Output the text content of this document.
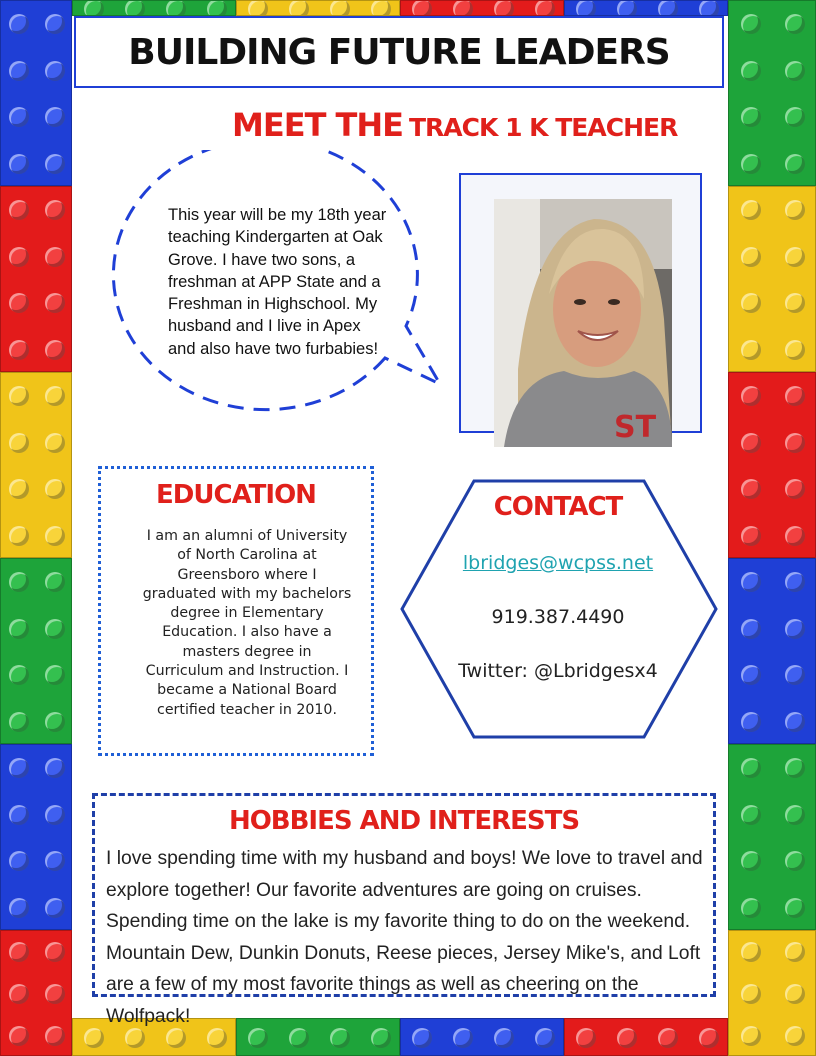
BUILDING FUTURE LEADERS
MEET THE TRACK 1 K TEACHER
This year will be my 18th year teaching Kindergarten at Oak Grove. I have two sons, a freshman at APP State and a Freshman in Highschool. My husband and I live in Apex and also have two furbabies!
ST
EDUCATION
I am an alumni of University of North Carolina at Greensboro where I graduated with my bachelors degree in Elementary Education. I also have a masters degree in Curriculum and Instruction. I became a National Board certified teacher in 2010.
CONTACT
lbridges@wcpss.net
919.387.4490
Twitter: @Lbridgesx4
HOBBIES AND INTERESTS
I love spending time with my husband and boys! We love to travel and explore together! Our favorite adventures are going on cruises. Spending time on the lake is my favorite thing to do on the weekend. Mountain Dew, Dunkin Donuts, Reese pieces, Jersey Mike's, and Loft are a few of my most favorite things as well as cheering on the Wolfpack!
